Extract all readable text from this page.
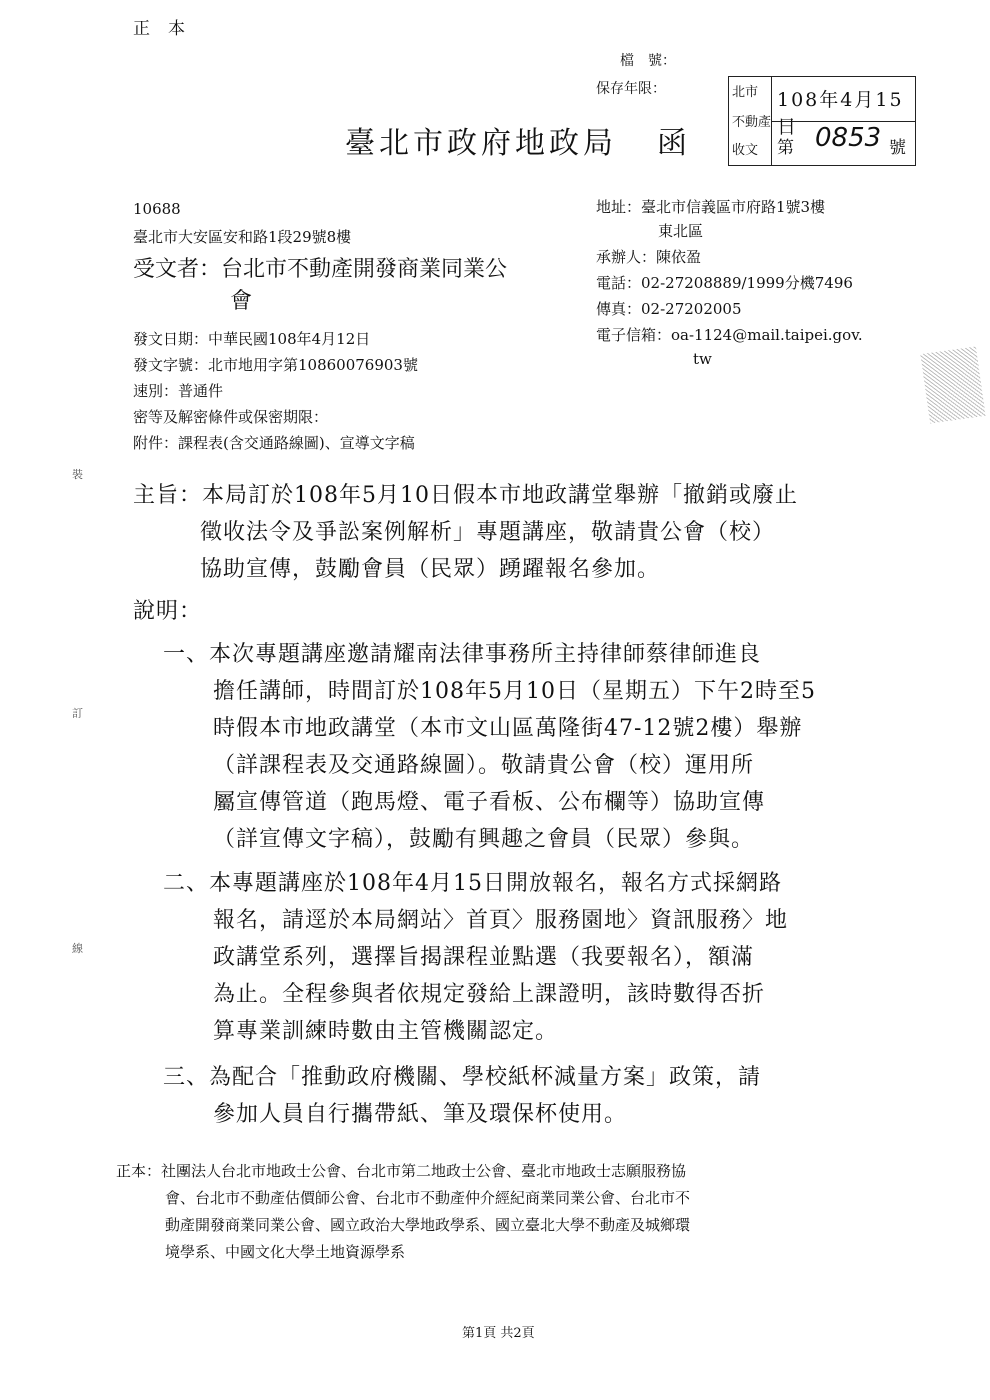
正本
檔　號：
保存年限：
臺北市政府地政局 函
北市
不動產
收文
108年4月15日
第 0853 號
10688
臺北市大安區安和路1段29號8樓
受文者：台北市不動產開發商業同業公
會
地址：臺北市信義區市府路1號3樓
東北區
承辦人：陳依盈
電話：02-27208889/1999分機7496
傳真：02-27202005
電子信箱：oa-1124@mail.taipei.gov.
tw
發文日期：中華民國108年4月12日
發文字號：北市地用字第10860076903號
速別：普通件
密等及解密條件或保密期限：
附件：課程表(含交通路線圖)、宣導文字稿
主旨：本局訂於108年5月10日假本市地政講堂舉辦「撤銷或廢止
徵收法令及爭訟案例解析」專題講座，敬請貴公會（校）
協助宣傳，鼓勵會員（民眾）踴躍報名參加。
說明：
一、本次專題講座邀請耀南法律事務所主持律師蔡律師進良
擔任講師，時間訂於108年5月10日（星期五）下午2時至5
時假本市地政講堂（本市文山區萬隆街47-12號2樓）舉辦
（詳課程表及交通路線圖）。敬請貴公會（校）運用所
屬宣傳管道（跑馬燈、電子看板、公布欄等）協助宣傳
（詳宣傳文字稿），鼓勵有興趣之會員（民眾）參與。
二、本專題講座於108年4月15日開放報名，報名方式採網路
報名，請逕於本局網站〉首頁〉服務園地〉資訊服務〉地
政講堂系列，選擇旨揭課程並點選（我要報名），額滿
為止。全程參與者依規定發給上課證明，該時數得否折
算專業訓練時數由主管機關認定。
三、為配合「推動政府機關、學校紙杯減量方案」政策，請
參加人員自行攜帶紙、筆及環保杯使用。
正本：社團法人台北市地政士公會、台北市第二地政士公會、臺北市地政士志願服務協
會、台北市不動產估價師公會、台北市不動產仲介經紀商業同業公會、台北市不
動產開發商業同業公會、國立政治大學地政學系、國立臺北大學不動產及城鄉環
境學系、中國文化大學土地資源學系
裝
訂
線
第1頁 共2頁
